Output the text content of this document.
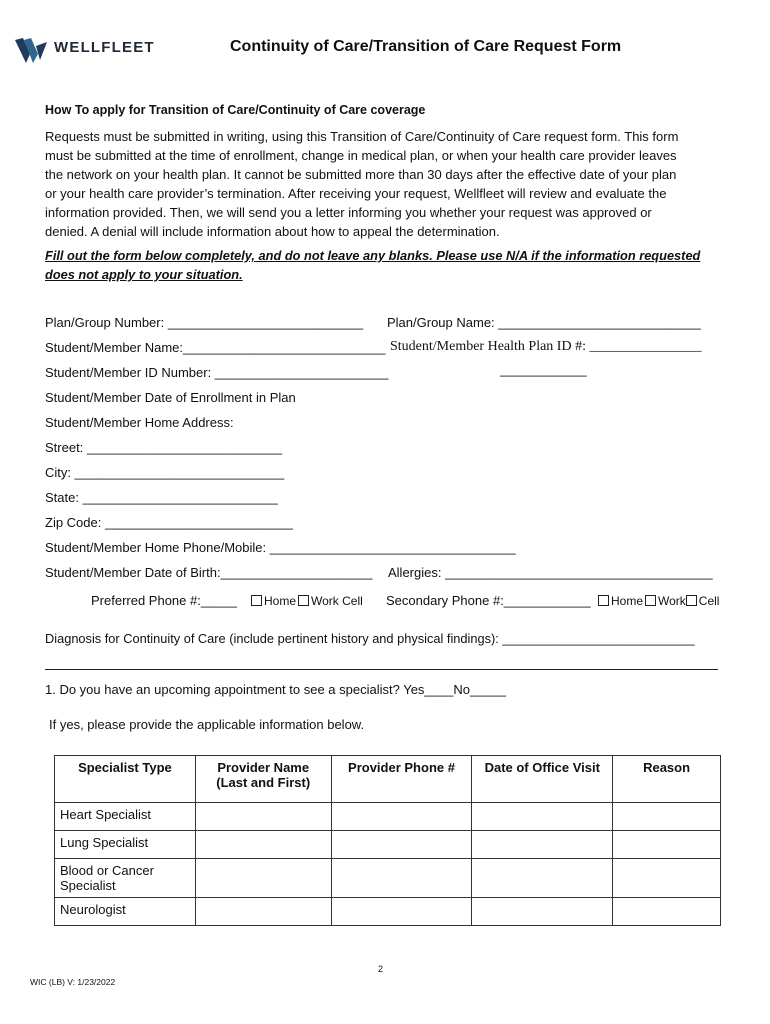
WELLFLEET	Continuity of Care/Transition of Care Request Form
How To apply for Transition of Care/Continuity of Care coverage
Requests must be submitted in writing, using this Transition of Care/Continuity of Care request form. This form
must be submitted at the time of enrollment, change in medical plan, or when your health care provider leaves
the network on your health plan. It cannot be submitted more than 30 days after the effective date of your plan
or your health care provider’s termination. After receiving your request, Wellfleet will review and evaluate the
information provided. Then, we will send you a letter informing you whether your request was approved or
denied. A denial will include information about how to appeal the determination.
Fill out the form below completely, and do not leave any blanks. Please use N/A if the information requested
does not apply to your situation.
Plan/Group Number: ___________________________ Plan/Group Name: ____________________________
Student/Member Name:____________________________ Student/Member Health Plan ID #: ________________
____________
Student/Member ID Number: ________________________
Student/Member Date of Enrollment in Plan
Student/Member Home Address:
Street: ___________________________
City: _____________________________
State: ___________________________
Zip Code: __________________________
Student/Member Home Phone/Mobile: __________________________________
Student/Member Date of Birth:_____________________ Allergies: _____________________________________
Preferred Phone #:_____	Home Work Cell Secondary Phone #:____________	Home Work Cell
Diagnosis for Continuity of Care (include pertinent history and physical findings): ___________________________
1. Do you have an upcoming appointment to see a specialist? Yes____No_____
If yes, please provide the applicable information below.
Specialist Type	Provider Name
(Last and First)	Provider Phone #	Date of Office Visit	Reason

Heart Specialist				

Lung Specialist				

Blood or Cancer
Specialist				

Neurologist				

2
WIC (LB) V: 1/23/2022
